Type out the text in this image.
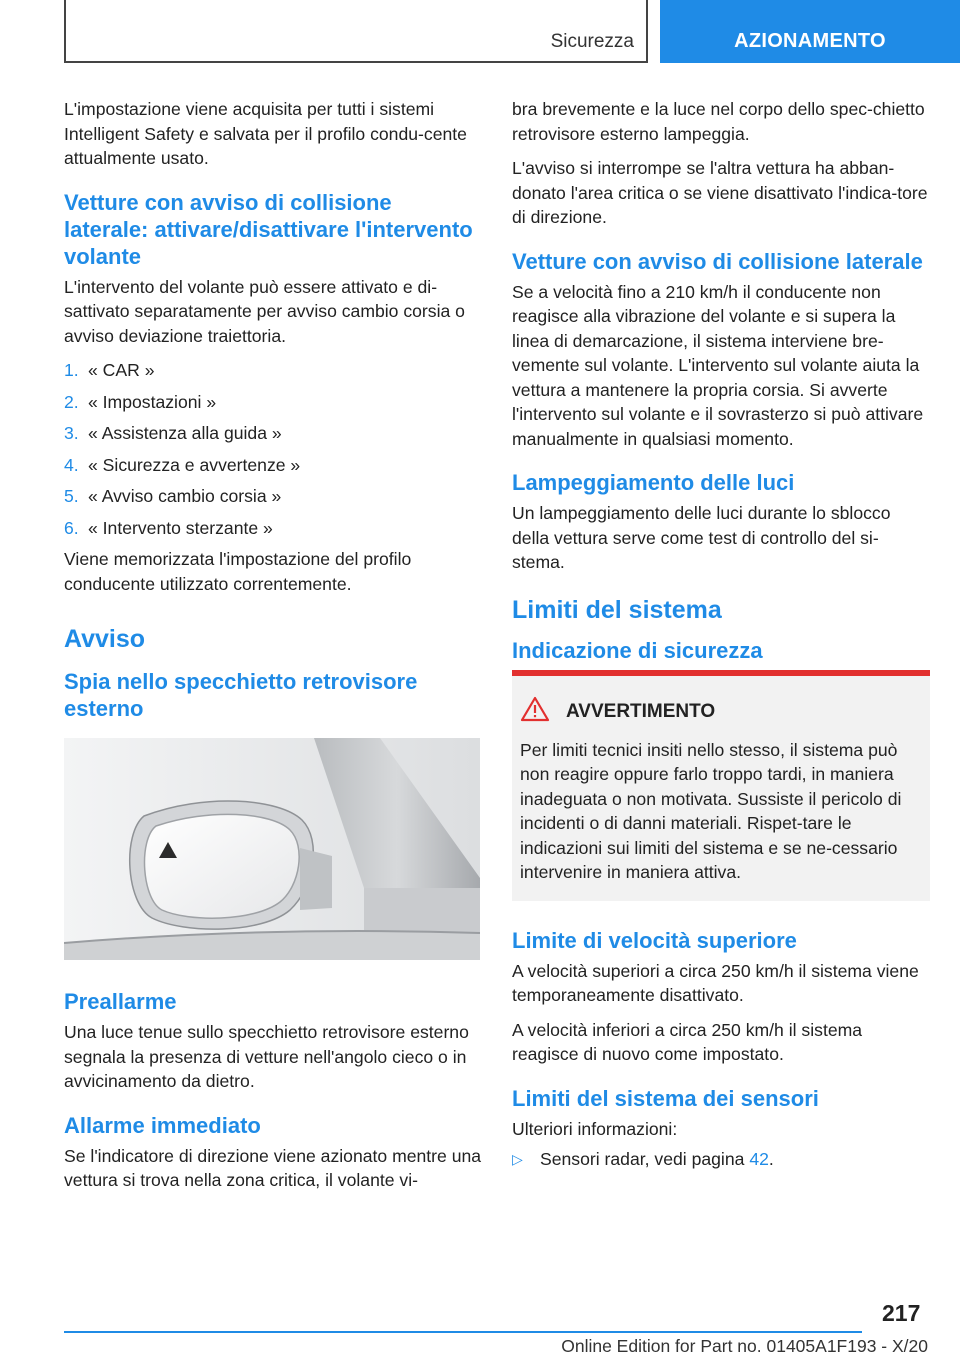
Sicurezza	AZIONAMENTO

L'impostazione viene acquisita per tutti i sistemi Intelligent Safety e salvata per il profilo condu-cente attualmente usato.

Vetture con avviso di collisione laterale: attivare/disattivare l'intervento volante

L'intervento del volante può essere attivato e di-sattivato separatamente per avviso cambio corsia o avviso deviazione traiettoria.

1. « CAR »
2. « Impostazioni »
3. « Assistenza alla guida »
4. « Sicurezza e avvertenze »
5. « Avviso cambio corsia »
6. « Intervento sterzante »

Viene memorizzata l'impostazione del profilo conducente utilizzato correntemente.

Avviso
Spia nello specchietto retrovisore esterno
Preallarme

Una luce tenue sullo specchietto retrovisore esterno segnala la presenza di vetture nell'angolo cieco o in avvicinamento da dietro.

Allarme immediato

Se l'indicatore di direzione viene azionato mentre una vettura si trova nella zona critica, il volante vi-

bra brevemente e la luce nel corpo dello spec-chietto retrovisore esterno lampeggia.

L'avviso si interrompe se l'altra vettura ha abban-donato l'area critica o se viene disattivato l'indica-tore di direzione.

Vetture con avviso di collisione laterale

Se a velocità fino a 210 km/h il conducente non reagisce alla vibrazione del volante e si supera la linea di demarcazione, il sistema interviene bre-vemente sul volante. L'intervento sul volante aiuta la vettura a mantenere la propria corsia. Si avverte l'intervento sul volante e il sovrasterzo si può attivare manualmente in qualsiasi momento.

Lampeggiamento delle luci

Un lampeggiamento delle luci durante lo sblocco della vettura serve come test di controllo del si-stema.

Limiti del sistema
Indicazione di sicurezza
AVVERTIMENTO

Per limiti tecnici insiti nello stesso, il sistema può non reagire oppure farlo troppo tardi, in maniera inadeguata o non motivata. Sussiste il pericolo di incidenti o di danni materiali. Rispet-tare le indicazioni sui limiti del sistema e se ne-cessario intervenire in maniera attiva.

Limite di velocità superiore

A velocità superiori a circa 250 km/h il sistema viene temporaneamente disattivato.

A velocità inferiori a circa 250 km/h il sistema reagisce di nuovo come impostato.

Limiti del sistema dei sensori

Ulteriori informazioni:

▷ Sensori radar, vedi pagina 42.
217
Online Edition for Part no. 01405A1F193 - X/20
